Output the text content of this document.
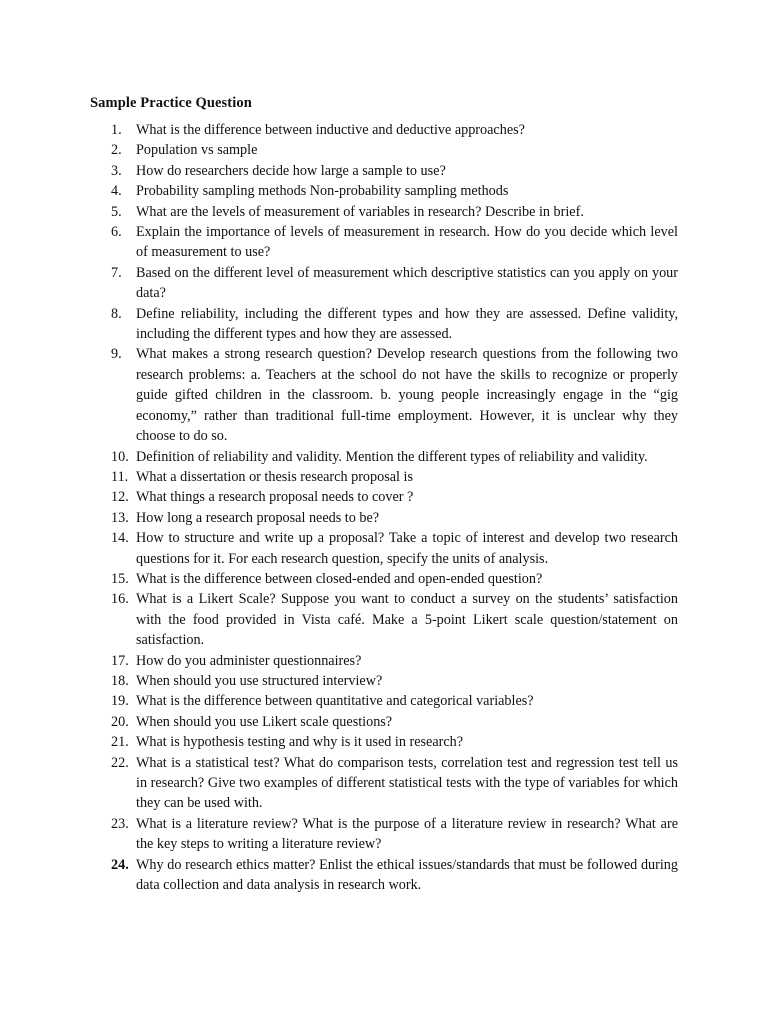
Sample Practice Question
1.	What is the difference between inductive and deductive approaches?
2.	Population vs sample
3.	How do researchers decide how large a sample to use?
4.	Probability sampling methods Non-probability sampling methods
5.	What are the levels of measurement of variables in research? Describe in brief.
6.	Explain the importance of levels of measurement in research. How do you decide which level of measurement to use?
7.	Based on the different level of measurement which descriptive statistics can you apply on your data?
8.	Define reliability, including the different types and how they are assessed. Define validity, including the different types and how they are assessed.
9.	What makes a strong research question? Develop research questions from the following two research problems: a. Teachers at the school do not have the skills to recognize or properly guide gifted children in the classroom. b. young people increasingly engage in the “gig economy,” rather than traditional full-time employment. However, it is unclear why they choose to do so.
10. Definition of reliability and validity. Mention the different types of reliability and validity.
11. What a dissertation or thesis research proposal is
12. What things a research proposal needs to cover ?
13. How long a research proposal needs to be?
14. How to structure and write up a proposal? Take a topic of interest and develop two research questions for it. For each research question, specify the units of analysis.
15. What is the difference between closed-ended and open-ended question?
16. What is a Likert Scale? Suppose you want to conduct a survey on the students’ satisfaction with the food provided in Vista café. Make a 5-point Likert scale question/statement on satisfaction.
17. How do you administer questionnaires?
18. When should you use structured interview?
19. What is the difference between quantitative and categorical variables?
20. When should you use Likert scale questions?
21. What is hypothesis testing and why is it used in research?
22. What is a statistical test? What do comparison tests, correlation test and regression test tell us in research? Give two examples of different statistical tests with the type of variables for which they can be used with.
23. What is a literature review? What is the purpose of a literature review in research? What are the key steps to writing a literature review?
24. Why do research ethics matter? Enlist the ethical issues/standards that must be followed during data collection and data analysis in research work.
